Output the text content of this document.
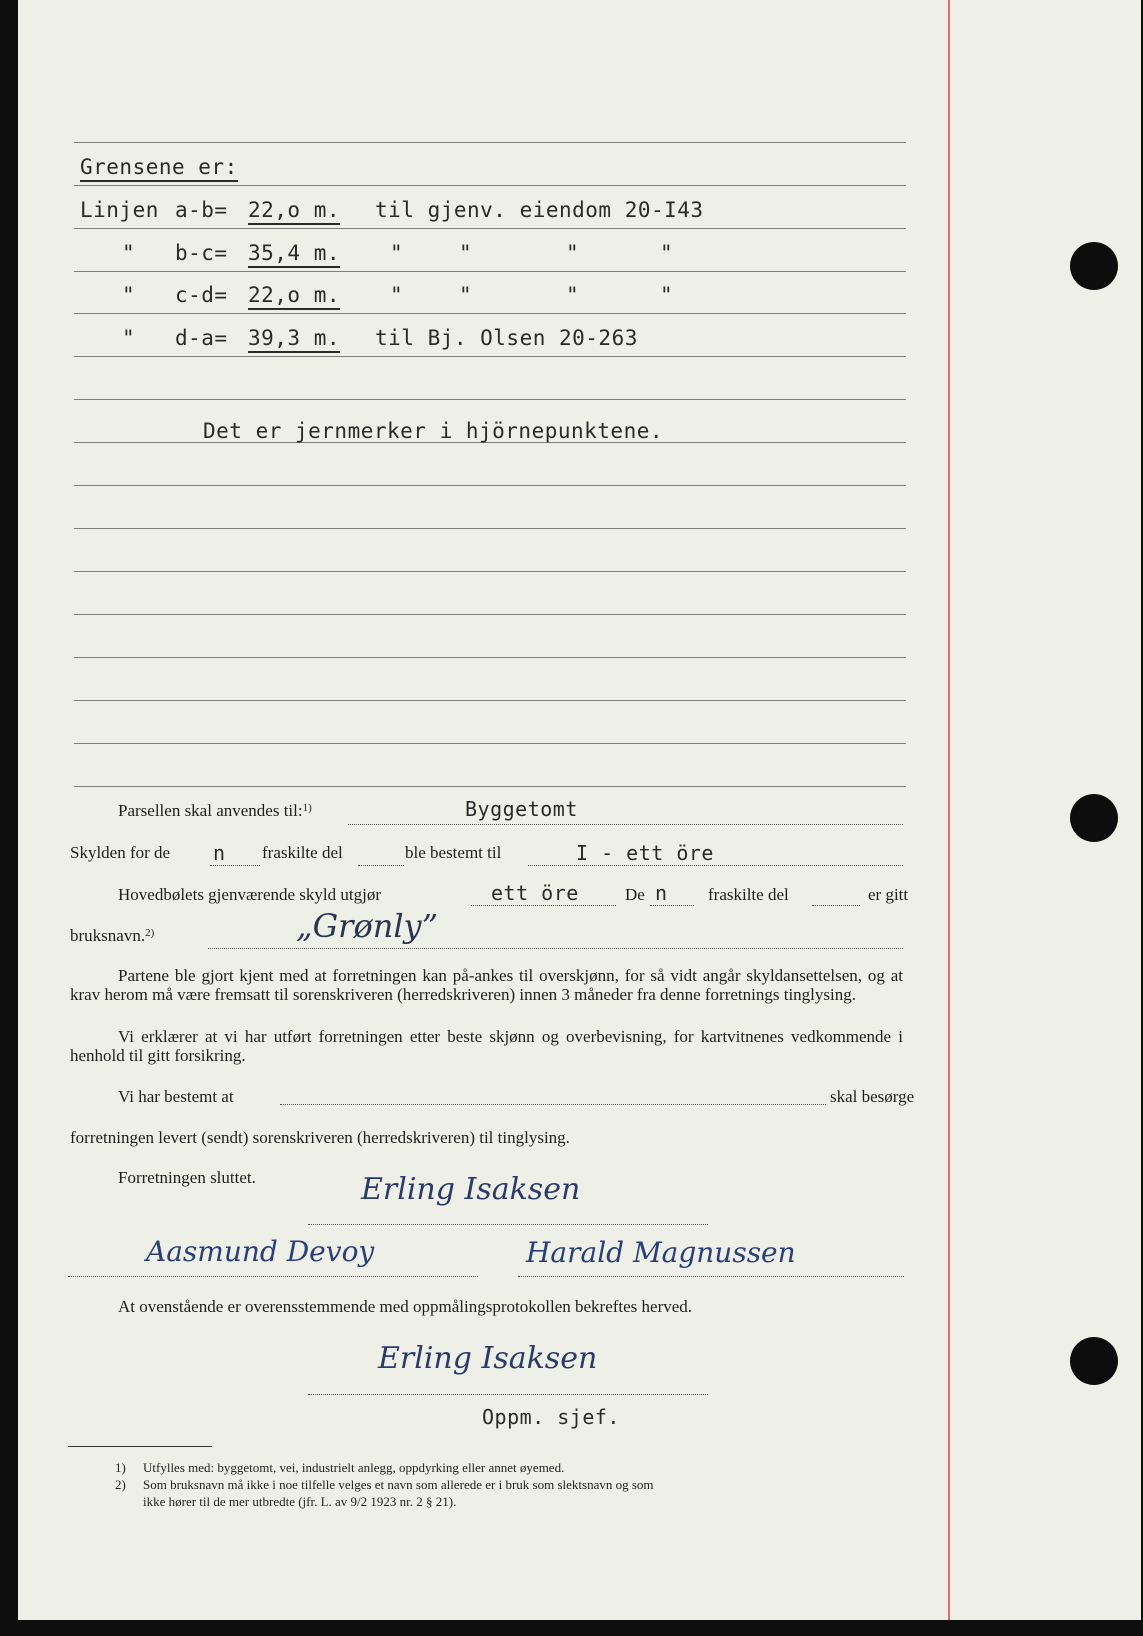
Grensene er:
Linjen a-b= 22,o m. til gjenv. eiendom 20-I43
" b-c= 35,4 m. "	"	"	"
" c-d= 22,o m. "	"	"	"
" d-a= 39,3 m. til Bj. Olsen 20-263
Det er jernmerker i hjörnepunktene.
Parsellen skal anvendes til:$^{1)}$	Byggetomt
Skylden for de n fraskilte del	ble bestemt til	I - ett öre
Hovedbølets gjenværende skyld utgjør	ett öre	De n fraskilte del	er gitt
bruksnavn.$^{2)}$	„Grønly”
Partene ble gjort kjent med at forretningen kan på-ankes til overskjønn, for så vidt angår skyldansettelsen, og at krav herom må være fremsatt til sorenskriveren (herredskriveren) innen 3 måneder fra denne forretnings tinglysing.
Vi erklærer at vi har utført forretningen etter beste skjønn og overbevisning, for kartvitnenes vedkommende i henhold til gitt forsikring.
Vi har bestemt at	skal besørge
forretningen levert (sendt) sorenskriveren (herredskriveren) til tinglysing.
Forretningen sluttet.	Erling Isaksen
Aasmund Devoy	Harald Magnussen
At ovenstående er overensstemmende med oppmålingsprotokollen bekreftes herved.
Erling Isaksen
Oppm. sjef.
1) Utfylles med: byggetomt, vei, industrielt anlegg, oppdyrking eller annet øyemed.
2) Som bruksnavn må ikke i noe tilfelle velges et navn som allerede er i bruk som slektsnavn og som
ikke hører til de mer utbredte (jfr. L. av 9/2 1923 nr. 2 § 21).
